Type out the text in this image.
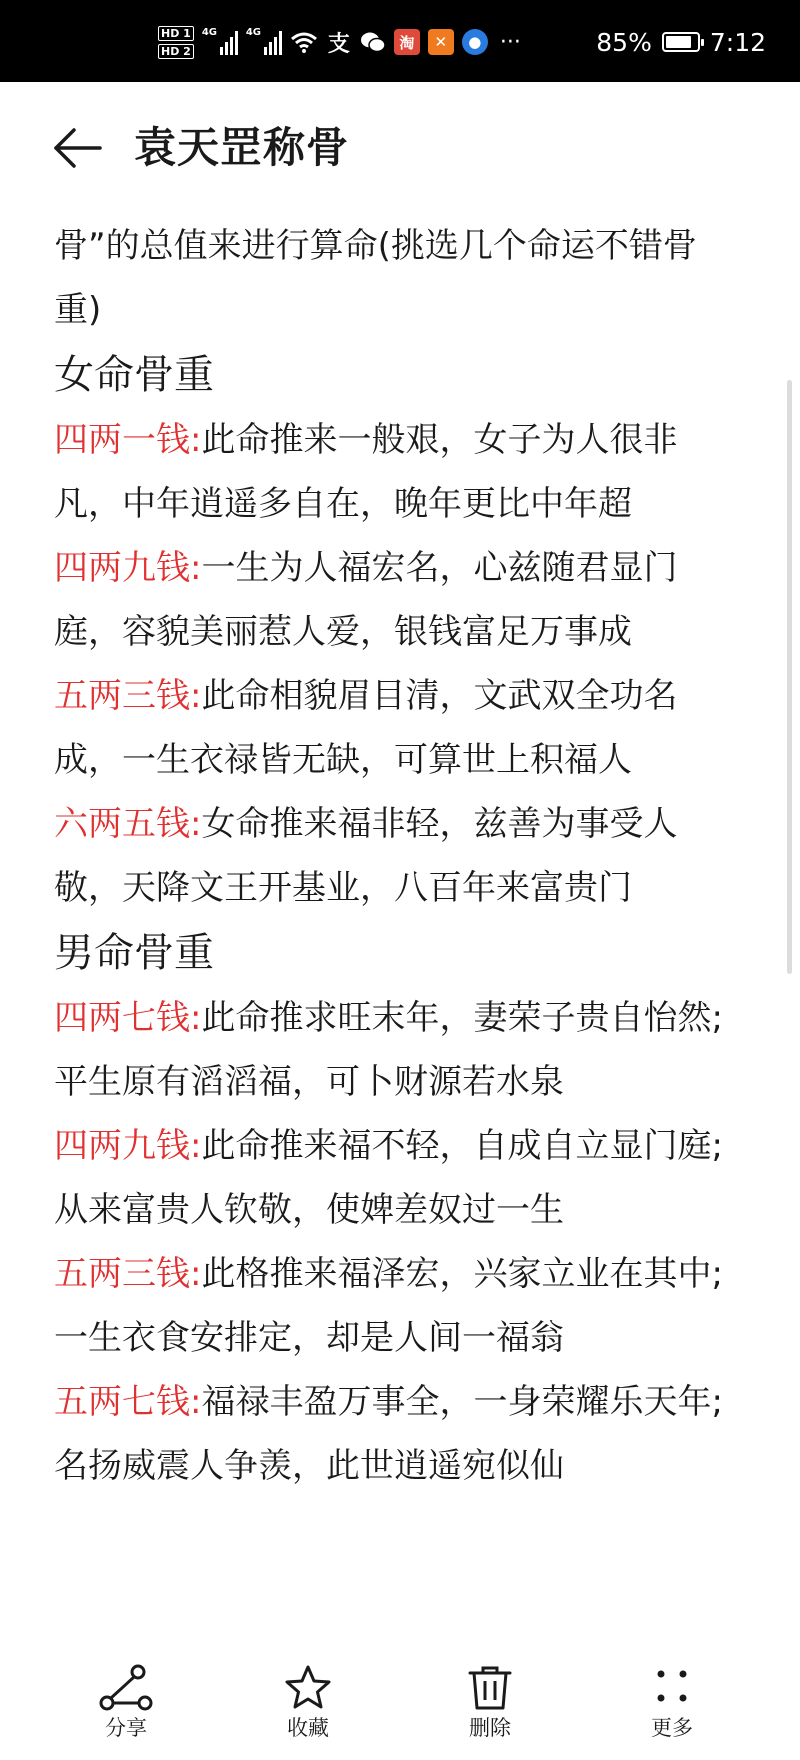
HD 1
HD 2
4G	4G	支	淘	✕	● ···	85% 7:12
袁天罡称骨

骨”的总值来进行算命(挑选几个命运不错骨重)

女命骨重

四两一钱:此命推来一般艰，女子为人很非凡，中年逍遥多自在，晚年更比中年超

四两九钱:一生为人福宏名，心兹随君显门庭，容貌美丽惹人爱，银钱富足万事成

五两三钱:此命相貌眉目清，文武双全功名成，一生衣禄皆无缺，可算世上积福人

六两五钱:女命推来福非轻，兹善为事受人敬，天降文王开基业，八百年来富贵门

男命骨重

四两七钱:此命推求旺末年，妻荣子贵自怡然;平生原有滔滔福，可卜财源若水泉

四两九钱:此命推来福不轻，自成自立显门庭;从来富贵人钦敬，使婢差奴过一生

五两三钱:此格推来福泽宏，兴家立业在其中;一生衣食安排定，却是人间一福翁

五两七钱:福禄丰盈万事全，一身荣耀乐天年;名扬威震人争羡，此世逍遥宛似仙

分享	收藏	删除	更多
